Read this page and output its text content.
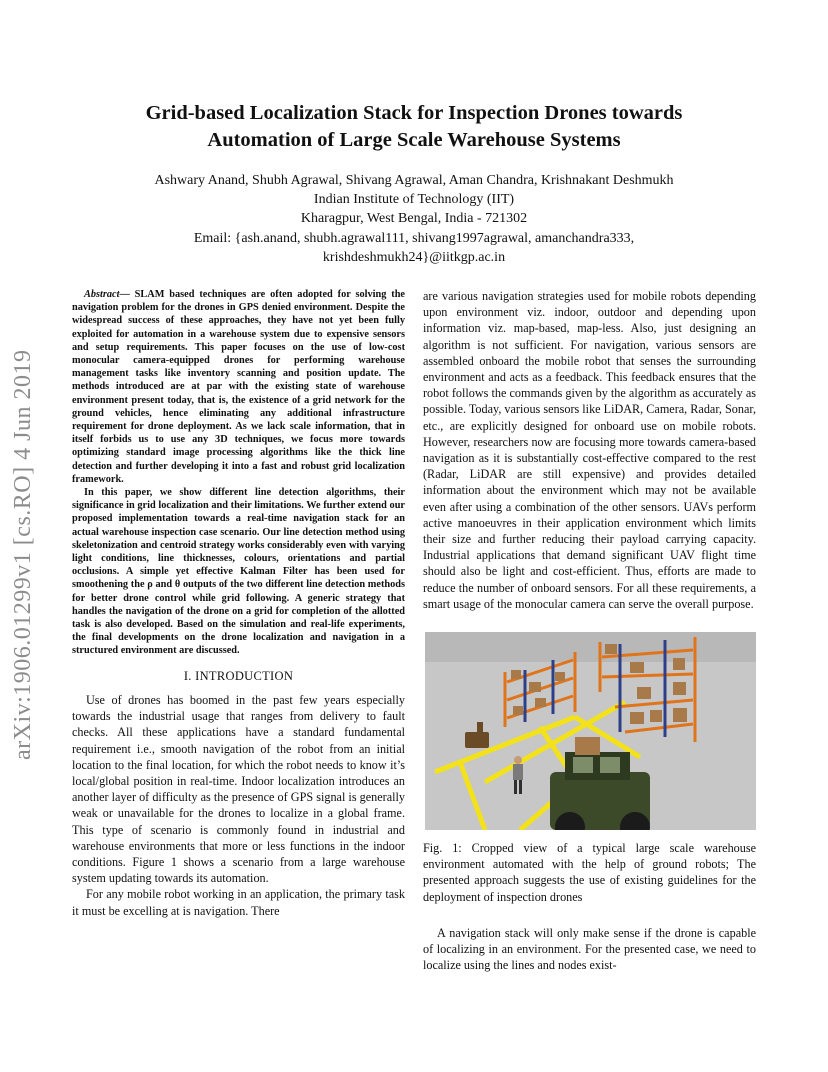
arXiv:1906.01299v1 [cs.RO] 4 Jun 2019
Grid-based Localization Stack for Inspection Drones towards
Automation of Large Scale Warehouse Systems
Ashwary Anand, Shubh Agrawal, Shivang Agrawal, Aman Chandra, Krishnakant Deshmukh
Indian Institute of Technology (IIT)
Kharagpur, West Bengal, India - 721302
Email: {ash.anand, shubh.agrawal111, shivang1997agrawal, amanchandra333,
krishdeshmukh24}@iitkgp.ac.in

Abstract— SLAM based techniques are often adopted for solving the navigation problem for the drones in GPS denied environment. Despite the widespread success of these approaches, they have not yet been fully exploited for automation in a warehouse system due to expensive sensors and setup requirements. This paper focuses on the use of low-cost monocular camera-equipped drones for performing warehouse management tasks like inventory scanning and position update. The methods introduced are at par with the existing state of warehouse environment present today, that is, the existence of a grid network for the ground vehicles, hence eliminating any additional infrastructure requirement for drone deployment. As we lack scale information, that in itself forbids us to use any 3D techniques, we focus more towards optimizing standard image processing algorithms like the thick line detection and further developing it into a fast and robust grid localization framework.

In this paper, we show different line detection algorithms, their significance in grid localization and their limitations. We further extend our proposed implementation towards a real-time navigation stack for an actual warehouse inspection case scenario. Our line detection method using skeletonization and centroid strategy works considerably even with varying light conditions, line thicknesses, colours, orientations and partial occlusions. A simple yet effective Kalman Filter has been used for smoothening the ρ and θ outputs of the two different line detection methods for better drone control while grid following. A generic strategy that handles the navigation of the drone on a grid for completion of the allotted task is also developed. Based on the simulation and real-life experiments, the final developments on the drone localization and navigation in a structured environment are discussed.

I. INTRODUCTION

Use of drones has boomed in the past few years especially towards the industrial usage that ranges from delivery to fault checks. All these applications have a standard fundamental requirement i.e., smooth navigation of the robot from an initial location to the final location, for which the robot needs to know it’s local/global position in real-time. Indoor localization introduces an another layer of difficulty as the presence of GPS signal is generally weak or unavailable for the drones to localize in a global frame. This type of scenario is commonly found in industrial and warehouse environments that more or less functions in the indoor conditions. Figure 1 shows a scenario from a large warehouse system updating towards its automation.

For any mobile robot working in an application, the primary task it must be excelling at is navigation. There

are various navigation strategies used for mobile robots depending upon environment viz. indoor, outdoor and depending upon information viz. map-based, map-less. Also, just designing an algorithm is not sufficient. For navigation, various sensors are assembled onboard the mobile robot that senses the surrounding environment and acts as a feedback. This feedback ensures that the robot follows the commands given by the algorithm as accurately as possible. Today, various sensors like LiDAR, Camera, Radar, Sonar, etc., are explicitly designed for onboard use on mobile robots. However, researchers now are focusing more towards camera-based navigation as it is substantially cost-effective compared to the rest (Radar, LiDAR are still expensive) and provides detailed information about the environment which may not be available even after using a combination of the other sensors. UAVs perform active manoeuvres in their application environment which limits their size and further reducing their payload carrying capacity. Industrial applications that demand significant UAV flight time should also be light and cost-efficient. Thus, efforts are made to reduce the number of onboard sensors. For all these requirements, a smart usage of the monocular camera can serve the overall purpose.

Fig. 1: Cropped view of a typical large scale warehouse environment automated with the help of ground robots; The presented approach suggests the use of existing guidelines for the deployment of inspection drones

A navigation stack will only make sense if the drone is capable of localizing in an environment. For the presented case, we need to localize using the lines and nodes exist-
